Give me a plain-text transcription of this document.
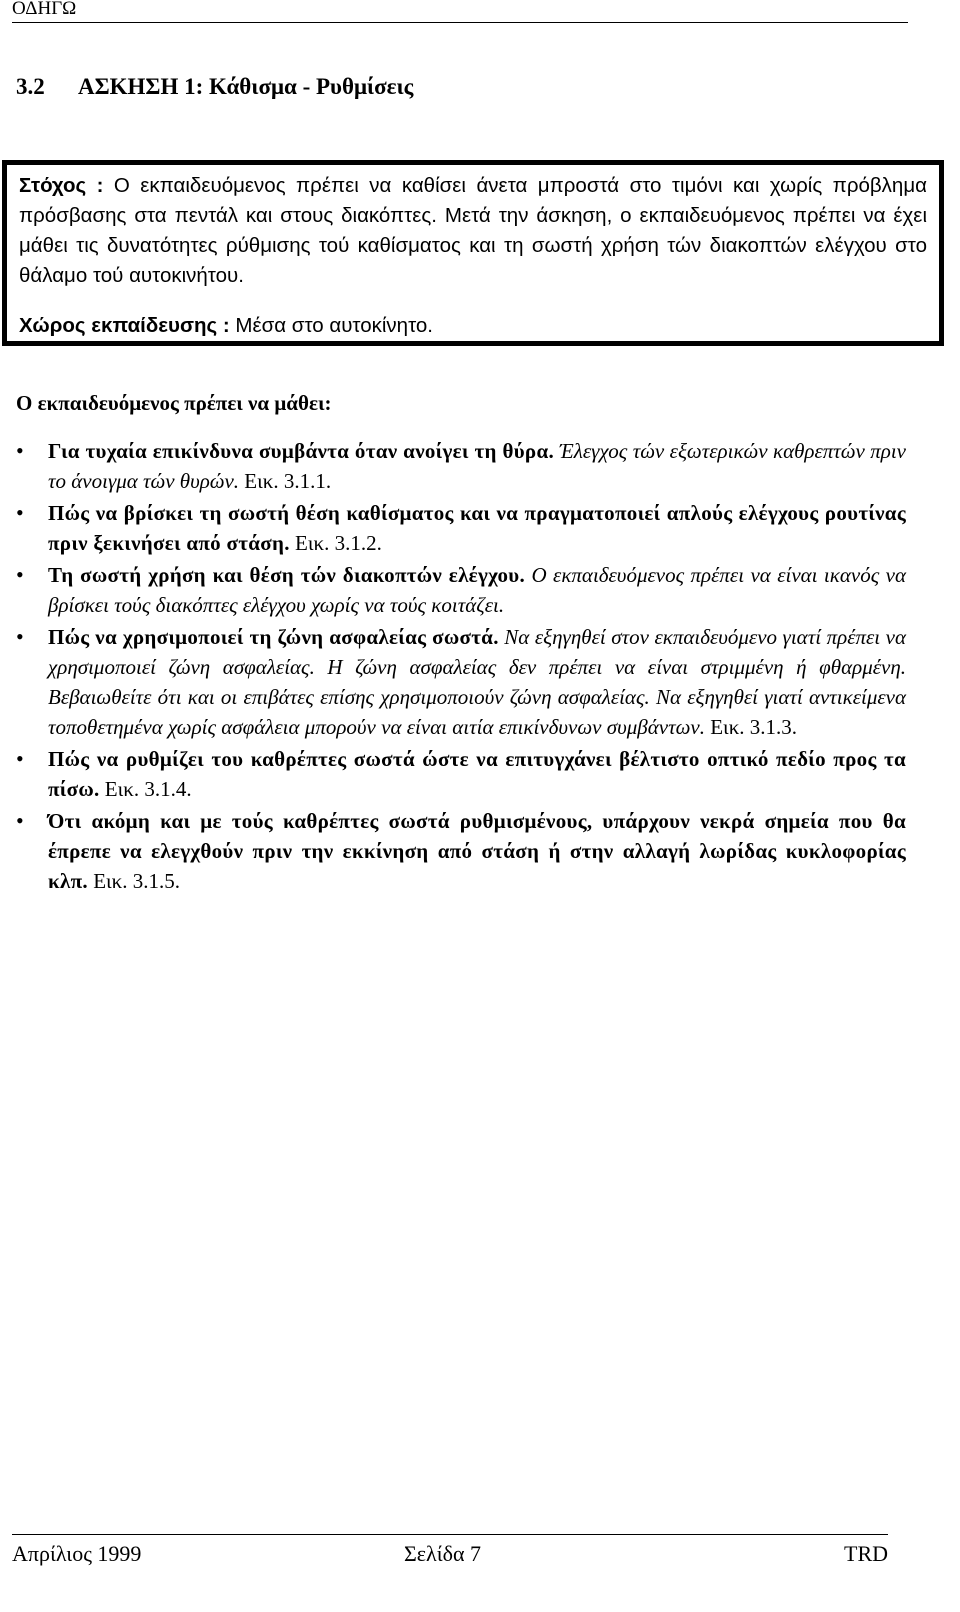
ΟΔΗΓΩ
3.2 ΑΣΚΗΣΗ 1: Κάθισμα - Ρυθμίσεις

Στόχος : Ο εκπαιδευόμενος πρέπει να καθίσει άνετα μπροστά στο τιμόνι και χωρίς πρόβλημα πρόσβασης στα πεντάλ και στους διακόπτες. Μετά την άσκηση, ο εκπαιδευόμενος πρέπει να έχει μάθει τις δυνατότητες ρύθμισης τού καθίσματος και τη σωστή χρήση τών διακοπτών ελέγχου στο θάλαμο τού αυτοκινήτου.

Χώρος εκπαίδευσης : Μέσα στο αυτοκίνητο.

Ο εκπαιδευόμενος πρέπει να μάθει:
• Για τυχαία επικίνδυνα συμβάντα όταν ανοίγει τη θύρα. Έλεγχος τών εξωτερικών καθρεπτών πριν το άνοιγμα τών θυρών. Εικ. 3.1.1.
• Πώς να βρίσκει τη σωστή θέση καθίσματος και να πραγματοποιεί απλούς ελέγχους ρουτίνας πριν ξεκινήσει από στάση. Εικ. 3.1.2.
• Τη σωστή χρήση και θέση τών διακοπτών ελέγχου. Ο εκπαιδευόμενος πρέπει να είναι ικανός να βρίσκει τούς διακόπτες ελέγχου χωρίς να τούς κοιτάζει.
• Πώς να χρησιμοποιεί τη ζώνη ασφαλείας σωστά. Να εξηγηθεί στον εκπαιδευόμενο γιατί πρέπει να χρησιμοποιεί ζώνη ασφαλείας. Η ζώνη ασφαλείας δεν πρέπει να είναι στριμμένη ή φθαρμένη. Βεβαιωθείτε ότι και οι επιβάτες επίσης χρησιμοποιούν ζώνη ασφαλείας. Να εξηγηθεί γιατί αντικείμενα τοποθετημένα χωρίς ασφάλεια μπορούν να είναι αιτία επικίνδυνων συμβάντων. Εικ. 3.1.3.
• Πώς να ρυθμίζει του καθρέπτες σωστά ώστε να επιτυγχάνει βέλτιστο οπτικό πεδίο προς τα πίσω. Εικ. 3.1.4.
• Ότι ακόμη και με τούς καθρέπτες σωστά ρυθμισμένους, υπάρχουν νεκρά σημεία που θα έπρεπε να ελεγχθούν πριν την εκκίνηση από στάση ή στην αλλαγή λωρίδας κυκλοφορίας κλπ. Εικ. 3.1.5.
Απρίλιος 1999	Σελίδα 7	TRD
